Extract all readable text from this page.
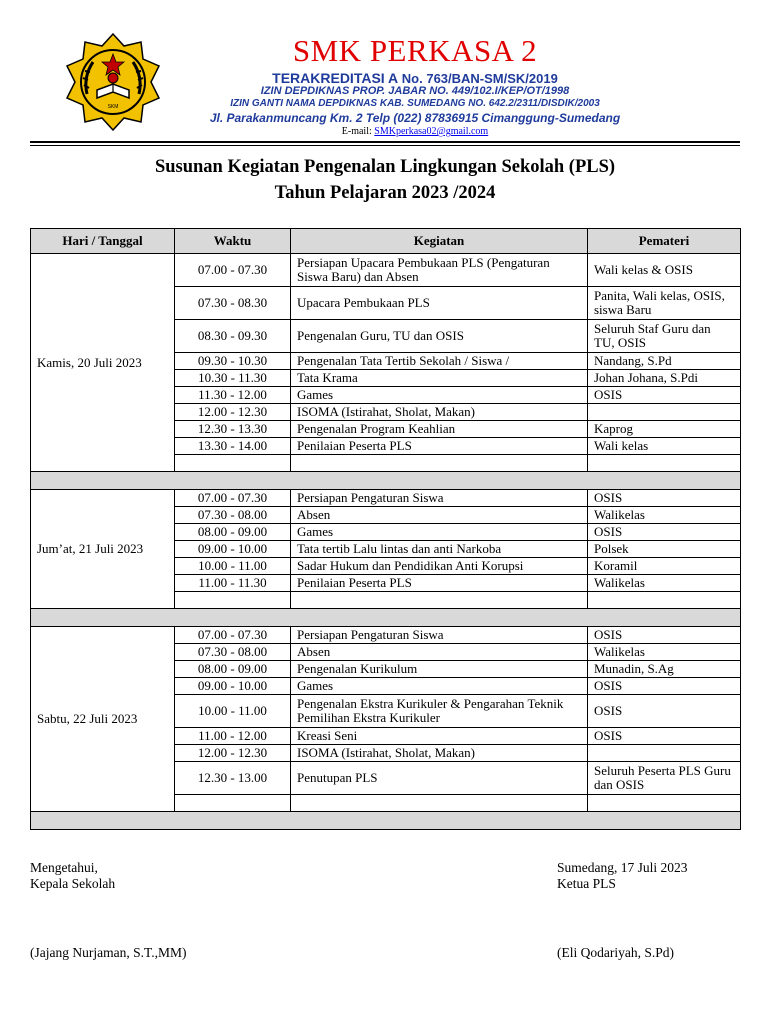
SKM
SMK PERKASA 2
TERAKREDITASI A No. 763/BAN-SM/SK/2019
IZIN DEPDIKNAS PROP. JABAR NO. 449/102.I/KEP/OT/1998
IZIN GANTI NAMA DEPDIKNAS KAB. SUMEDANG NO. 642.2/2311/DISDIK/2003
Jl. Parakanmuncang Km. 2 Telp (022) 87836915 Cimanggung-Sumedang
E-mail: SMKperkasa02@gmail.com
Susunan Kegiatan Pengenalan Lingkungan Sekolah (PLS)
Tahun Pelajaran 2023 /2024
Hari / Tanggal	Waktu	Kegiatan	Pemateri
Kamis, 20 Juli 2023	07.00 - 07.30	Persiapan Upacara Pembukaan PLS (Pengaturan Siswa Baru) dan Absen	Wali kelas & OSIS
	07.30 - 08.30	Upacara Pembukaan PLS	Panita, Wali kelas, OSIS, siswa Baru
	08.30 - 09.30	Pengenalan Guru, TU dan OSIS	Seluruh Staf Guru dan TU, OSIS
	09.30 - 10.30	Pengenalan Tata Tertib Sekolah / Siswa /	Nandang, S.Pd
	10.30 - 11.30	Tata Krama	Johan Johana, S.Pdi
	11.30 - 12.00	Games	OSIS
	12.00 - 12.30	ISOMA (Istirahat, Sholat, Makan)	
	12.30 - 13.30	Pengenalan Program Keahlian	Kaprog
	13.30 - 14.00	Penilaian Peserta PLS	Wali kelas

Jum’at, 21 Juli 2023	07.00 - 07.30	Persiapan Pengaturan Siswa	OSIS
	07.30 - 08.00	Absen	Walikelas
	08.00 - 09.00	Games	OSIS
	09.00 - 10.00	Tata tertib Lalu lintas dan anti Narkoba	Polsek
	10.00 - 11.00	Sadar Hukum dan Pendidikan Anti Korupsi	Koramil
	11.00 - 11.30	Penilaian Peserta PLS	Walikelas

Sabtu, 22 Juli 2023	07.00 - 07.30	Persiapan Pengaturan Siswa	OSIS
	07.30 - 08.00	Absen	Walikelas
	08.00 - 09.00	Pengenalan Kurikulum	Munadin, S.Ag
	09.00 - 10.00	Games	OSIS
	10.00 - 11.00	Pengenalan Ekstra Kurikuler & Pengarahan Teknik Pemilihan Ekstra Kurikuler	OSIS
	11.00 - 12.00	Kreasi Seni	OSIS
	12.00 - 12.30	ISOMA (Istirahat, Sholat, Makan)	
	12.30 - 13.00	Penutupan PLS	Seluruh Peserta PLS Guru dan OSIS

Mengetahui,
Kepala Sekolah
(Jajang Nurjaman, S.T.,MM)
Sumedang, 17 Juli 2023
Ketua PLS
(Eli Qodariyah, S.Pd)
